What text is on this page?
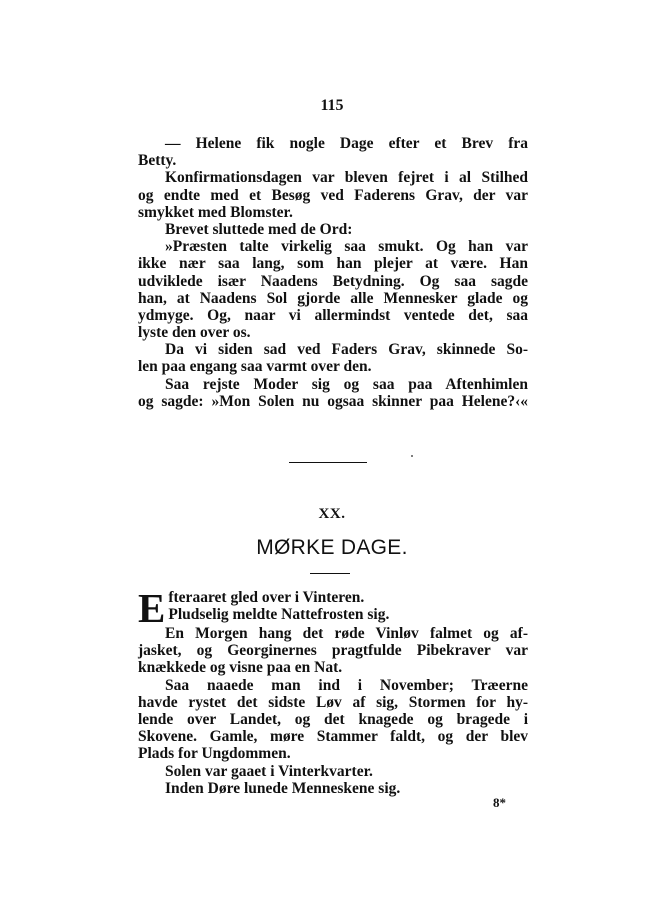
115
— Helene fik nogle Dage efter et Brev fra
Betty.
Konfirmationsdagen var bleven fejret i al Stilhed
og endte med et Besøg ved Faderens Grav, der var
smykket med Blomster.
Brevet sluttede med de Ord:
»Præsten talte virkelig saa smukt. Og han var
ikke nær saa lang, som han plejer at være. Han
udviklede især Naadens Betydning. Og saa sagde
han, at Naadens Sol gjorde alle Mennesker glade og
ydmyge. Og, naar vi allermindst ventede det, saa
lyste den over os.
Da vi siden sad ved Faders Grav, skinnede So-
len paa engang saa varmt over den.
Saa rejste Moder sig og saa paa Aftenhimlen
og sagde: »Mon Solen nu ogsaa skinner paa Helene?‹«
XX.
MØRKE DAGE.
E fteraaret gled over i Vinteren.
Pludselig meldte Nattefrosten sig.
En Morgen hang det røde Vinløv falmet og af-
jasket, og Georginernes pragtfulde Pibekraver var
knækkede og visne paa en Nat.
Saa naaede man ind i November; Træerne
havde rystet det sidste Løv af sig, Stormen for hy-
lende over Landet, og det knagede og bragede i
Skovene. Gamle, møre Stammer faldt, og der blev
Plads for Ungdommen.
Solen var gaaet i Vinterkvarter.
Inden Døre lunede Menneskene sig.
8*
